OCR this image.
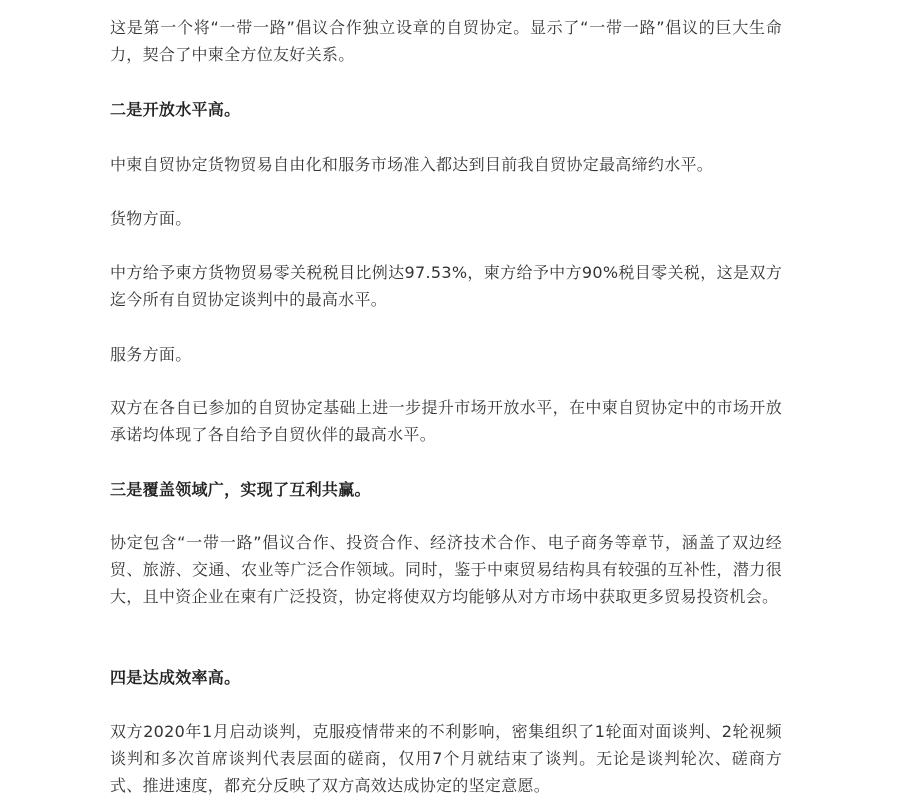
这是第一个将“一带一路”倡议合作独立设章的自贸协定。显示了“一带一路”倡议的巨大生命力，契合了中柬全方位友好关系。

二是开放水平高。

中柬自贸协定货物贸易自由化和服务市场准入都达到目前我自贸协定最高缔约水平。

货物方面。

中方给予柬方货物贸易零关税税目比例达97.53%，柬方给予中方90%税目零关税，这是双方迄今所有自贸协定谈判中的最高水平。

服务方面。

双方在各自已参加的自贸协定基础上进一步提升市场开放水平，在中柬自贸协定中的市场开放承诺均体现了各自给予自贸伙伴的最高水平。

三是覆盖领域广，实现了互利共赢。

协定包含“一带一路”倡议合作、投资合作、经济技术合作、电子商务等章节，涵盖了双边经贸、旅游、交通、农业等广泛合作领域。同时，鉴于中柬贸易结构具有较强的互补性，潜力很大，且中资企业在柬有广泛投资，协定将使双方均能够从对方市场中获取更多贸易投资机会。

四是达成效率高。

双方2020年1月启动谈判，克服疫情带来的不利影响，密集组织了1轮面对面谈判、2轮视频谈判和多次首席谈判代表层面的磋商，仅用7个月就结束了谈判。无论是谈判轮次、磋商方式、推进速度，都充分反映了双方高效达成协定的坚定意愿。
